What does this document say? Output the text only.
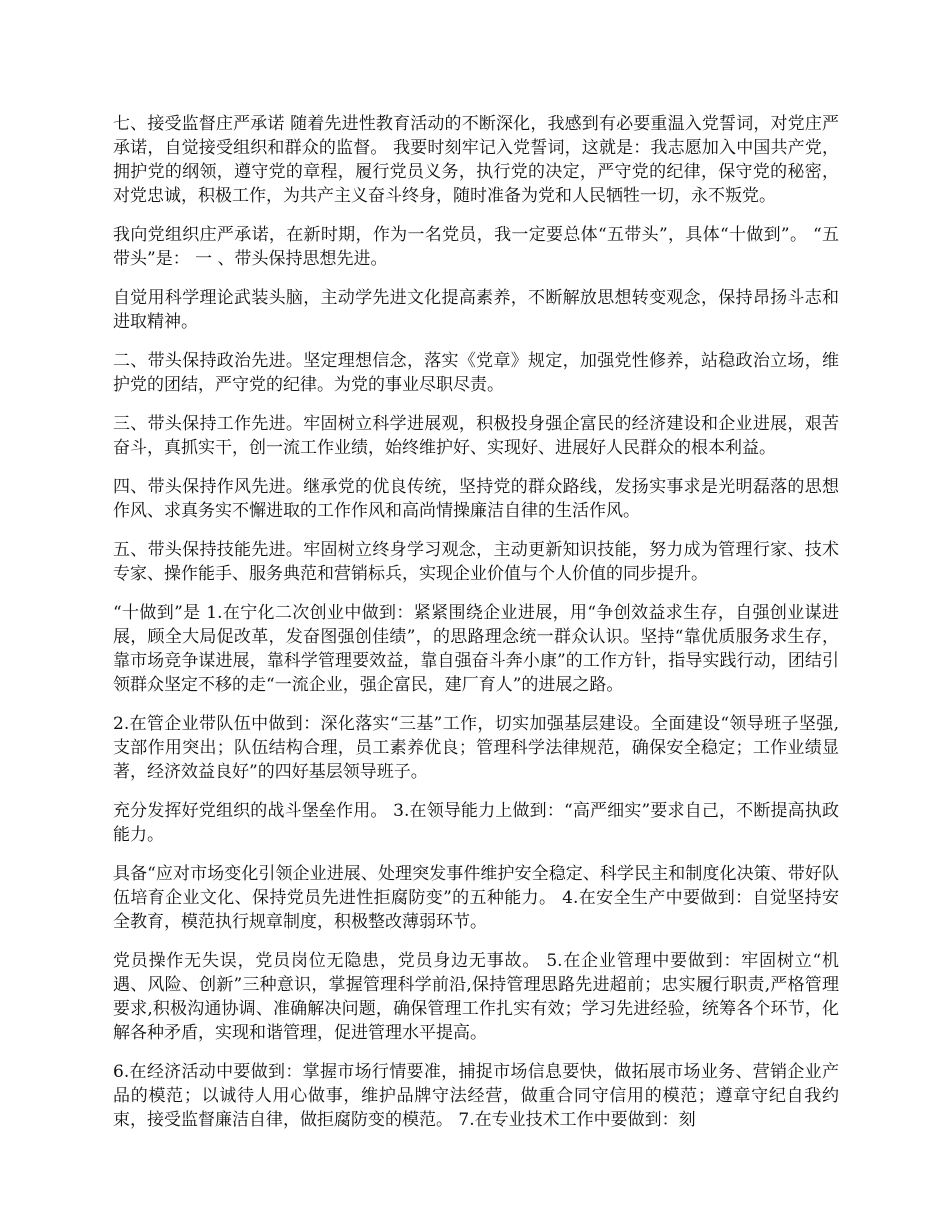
七、接受监督庄严承诺 随着先进性教育活动的不断深化，我感到有必要重温入党誓词，对党庄严承诺，自觉接受组织和群众的监督。 我要时刻牢记入党誓词，这就是：我志愿加入中国共产党，拥护党的纲领，遵守党的章程，履行党员义务，执行党的决定，严守党的纪律，保守党的秘密，对党忠诚，积极工作，为共产主义奋斗终身，随时准备为党和人民牺牲一切，永不叛党。

我向党组织庄严承诺，在新时期，作为一名党员，我一定要总体“五带头”，具体“十做到”。 “五带头”是： 一 、带头保持思想先进。

自觉用科学理论武装头脑，主动学先进文化提高素养，不断解放思想转变观念，保持昂扬斗志和进取精神。

二、带头保持政治先进。坚定理想信念，落实《党章》规定，加强党性修养，站稳政治立场，维护党的团结，严守党的纪律。为党的事业尽职尽责。

三、带头保持工作先进。牢固树立科学进展观，积极投身强企富民的经济建设和企业进展，艰苦奋斗，真抓实干，创一流工作业绩，始终维护好、实现好、进展好人民群众的根本利益。

四、带头保持作风先进。继承党的优良传统，坚持党的群众路线，发扬实事求是光明磊落的思想作风、求真务实不懈进取的工作作风和高尚情操廉洁自律的生活作风。

五、带头保持技能先进。牢固树立终身学习观念，主动更新知识技能，努力成为管理行家、技术专家、操作能手、服务典范和营销标兵，实现企业价值与个人价值的同步提升。

“十做到”是 1.在宁化二次创业中做到：紧紧围绕企业进展，用“争创效益求生存，自强创业谋进展，顾全大局促改革，发奋图强创佳绩”，的思路理念统一群众认识。坚持“靠优质服务求生存，靠市场竞争谋进展，靠科学管理要效益，靠自强奋斗奔小康”的工作方针，指导实践行动，团结引领群众坚定不移的走“一流企业，强企富民，建厂育人”的进展之路。

2.在管企业带队伍中做到：深化落实“三基”工作，切实加强基层建设。全面建设“领导班子坚强,支部作用突出；队伍结构合理，员工素养优良；管理科学法律规范，确保安全稳定；工作业绩显著，经济效益良好”的四好基层领导班子。

充分发挥好党组织的战斗堡垒作用。 3.在领导能力上做到：“高严细实”要求自己，不断提高执政能力。

具备“应对市场变化引领企业进展、处理突发事件维护安全稳定、科学民主和制度化决策、带好队伍培育企业文化、保持党员先进性拒腐防变”的五种能力。 4.在安全生产中要做到：自觉坚持安全教育，模范执行规章制度，积极整改薄弱环节。

党员操作无失误，党员岗位无隐患，党员身边无事故。 5.在企业管理中要做到：牢固树立“机遇、风险、创新”三种意识，掌握管理科学前沿,保持管理思路先进超前；忠实履行职责,严格管理要求,积极沟通协调、准确解决问题，确保管理工作扎实有效；学习先进经验，统筹各个环节，化解各种矛盾，实现和谐管理，促进管理水平提高。

6.在经济活动中要做到：掌握市场行情要准，捕捉市场信息要快，做拓展市场业务、营销企业产品的模范；以诚待人用心做事，维护品牌守法经营，做重合同守信用的模范；遵章守纪自我约束，接受监督廉洁自律，做拒腐防变的模范。 7.在专业技术工作中要做到：刻
